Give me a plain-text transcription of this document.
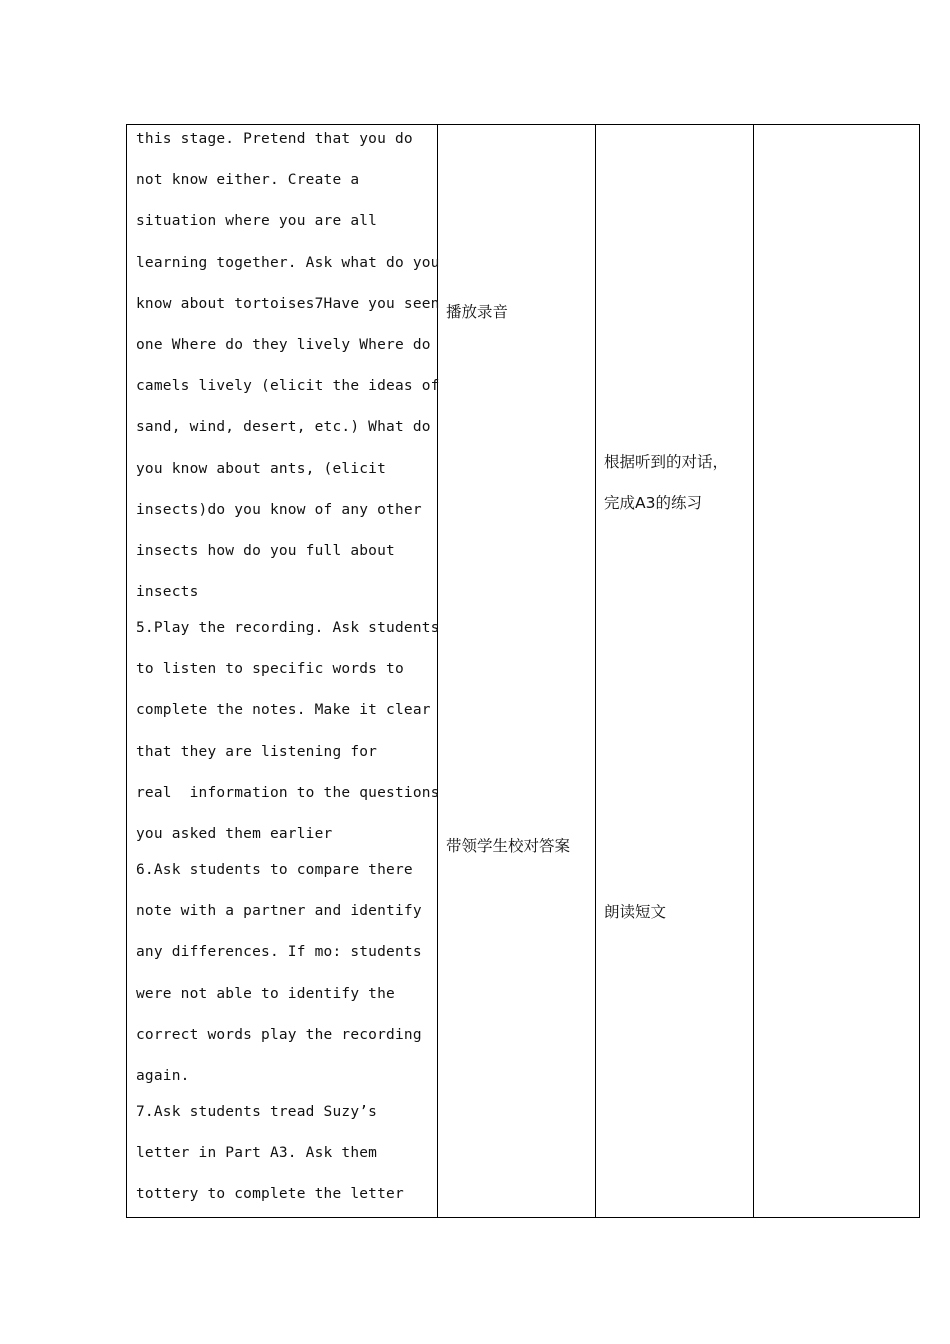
this stage. Pretend that you do
not know either. Create a
situation where you are all
learning together. Ask what do you
know about tortoises7Have you seen
one Where do they lively Where do
camels lively (elicit the ideas of
sand, wind, desert, etc.) What do
you know about ants, (elicit
insects)do you know of any other
insects how do you full about
insects
5.Play the recording. Ask students
to listen to specific words to
complete the notes. Make it clear
that they are listening for
real  information to the questions
you asked them earlier
6.Ask students to compare there
note with a partner and identify
any differences. If mo: students
were not able to identify the
correct words play the recording
again.
7.Ask students tread Suzy’s
letter in Part A3. Ask them
tottery to complete the letter
播放录音
带领学生校对答案
根据听到的对话，
完成A3的练习
朗读短文
